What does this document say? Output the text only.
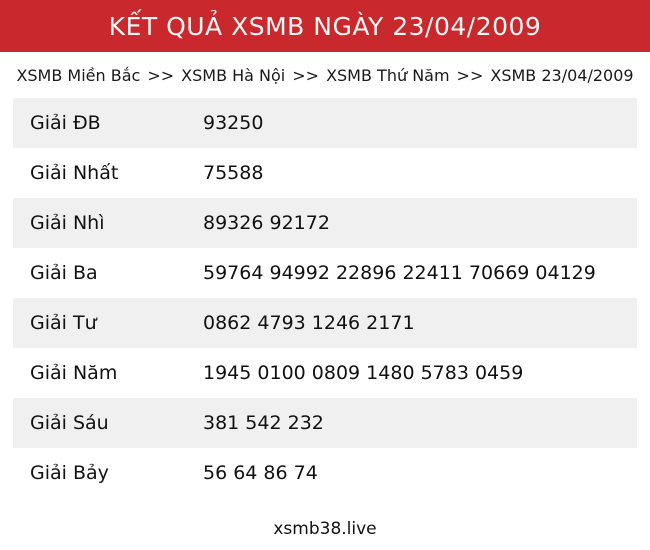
KẾT QUẢ XSMB NGÀY 23/04/2009
XSMB Miền Bắc >> XSMB Hà Nội >> XSMB Thứ Năm >> XSMB 23/04/2009
Giải ĐB	93250
Giải Nhất	75588
Giải Nhì	89326 92172
Giải Ba	59764 94992 22896 22411 70669 04129
Giải Tư	0862 4793 1246 2171
Giải Năm	1945 0100 0809 1480 5783 0459
Giải Sáu	381 542 232
Giải Bảy	56 64 86 74
xsmb38.live
